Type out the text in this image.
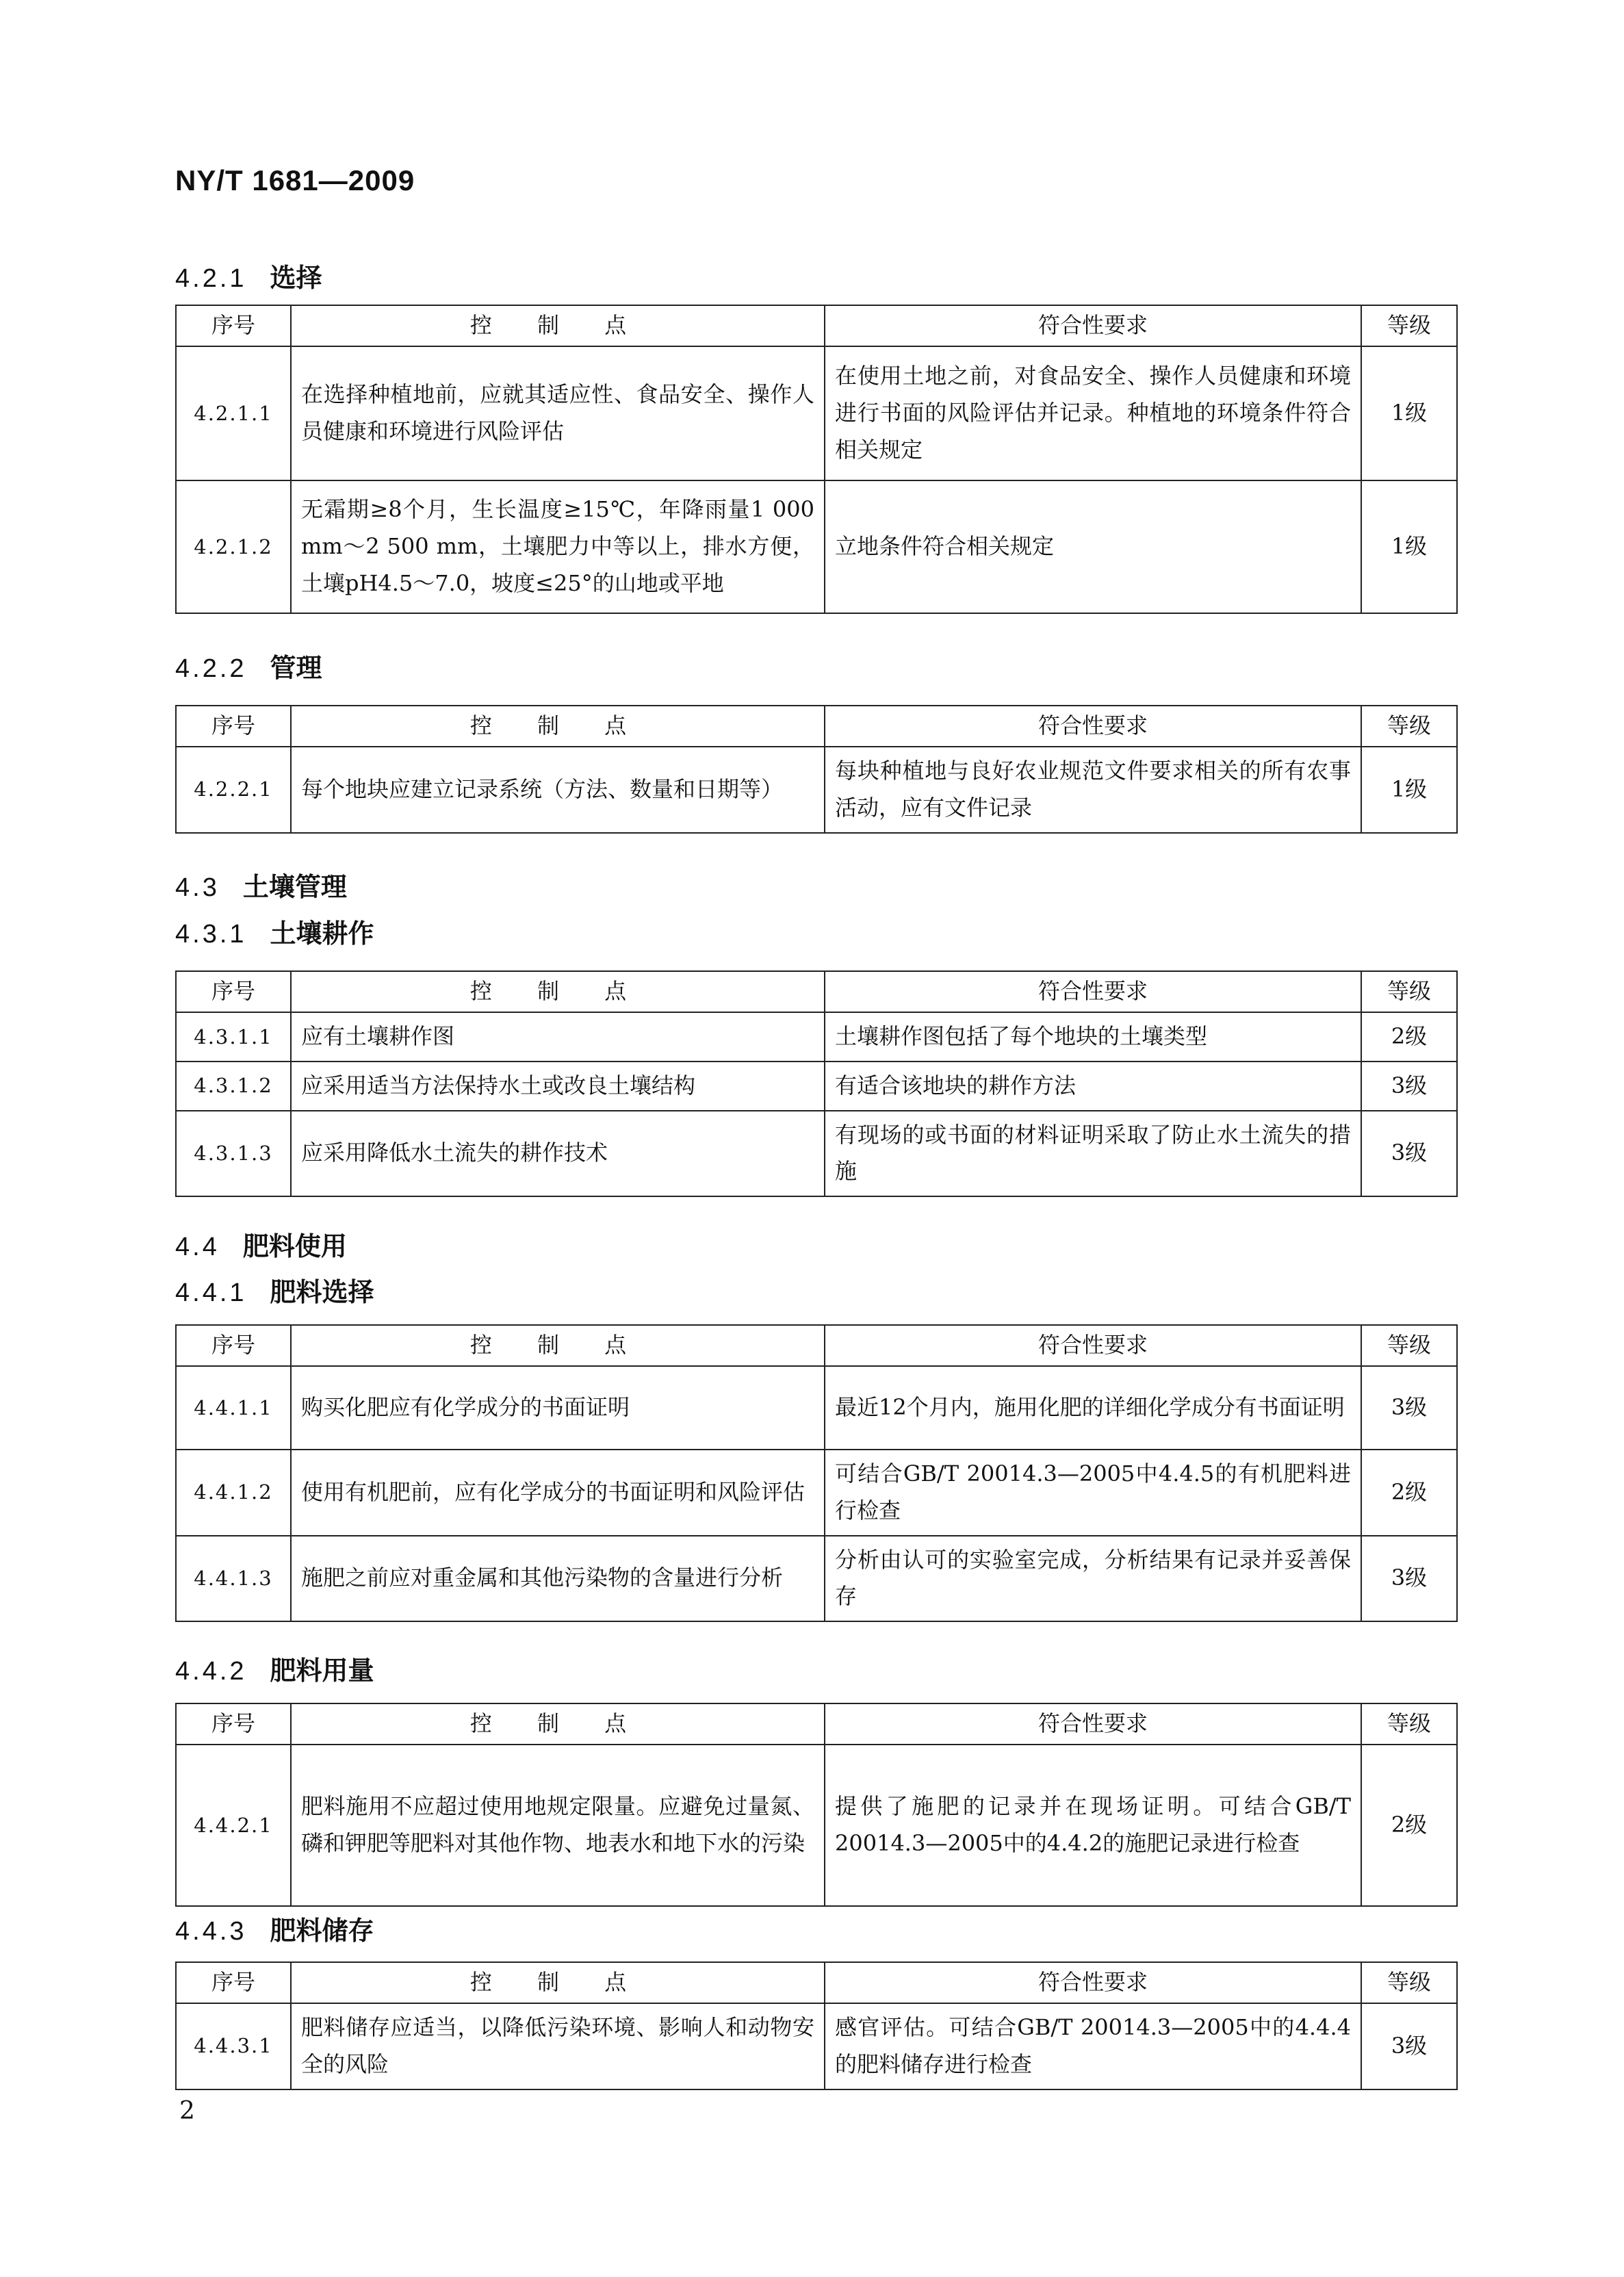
NY/T 1681—2009
4.2.1 选择
序号	控 制 点	符合性要求	等级
4.2.1.1	在选择种植地前，应就其适应性、食品安全、操作人员健康和环境进行风险评估	在使用土地之前，对食品安全、操作人员健康和环境进行书面的风险评估并记录。种植地的环境条件符合相关规定	1级
4.2.1.2	无霜期≥8个月，生长温度≥15℃，年降雨量1 000 mm～2 500 mm，土壤肥力中等以上，排水方便，土壤pH4.5～7.0，坡度≤25°的山地或平地	立地条件符合相关规定	1级
4.2.2 管理
序号	控 制 点	符合性要求	等级
4.2.2.1	每个地块应建立记录系统（方法、数量和日期等）	每块种植地与良好农业规范文件要求相关的所有农事活动，应有文件记录	1级
4.3 土壤管理
4.3.1 土壤耕作
序号	控 制 点	符合性要求	等级
4.3.1.1	应有土壤耕作图	土壤耕作图包括了每个地块的土壤类型	2级
4.3.1.2	应采用适当方法保持水土或改良土壤结构	有适合该地块的耕作方法	3级
4.3.1.3	应采用降低水土流失的耕作技术	有现场的或书面的材料证明采取了防止水土流失的措施	3级
4.4 肥料使用
4.4.1 肥料选择
序号	控 制 点	符合性要求	等级
4.4.1.1	购买化肥应有化学成分的书面证明	最近12个月内，施用化肥的详细化学成分有书面证明	3级
4.4.1.2	使用有机肥前，应有化学成分的书面证明和风险评估	可结合GB/T 20014.3—2005中4.4.5的有机肥料进行检查	2级
4.4.1.3	施肥之前应对重金属和其他污染物的含量进行分析	分析由认可的实验室完成，分析结果有记录并妥善保存	3级
4.4.2 肥料用量
序号	控 制 点	符合性要求	等级
4.4.2.1	肥料施用不应超过使用地规定限量。应避免过量氮、磷和钾肥等肥料对其他作物、地表水和地下水的污染	提供了施肥的记录并在现场证明。可结合GB/T 20014.3—2005中的4.4.2的施肥记录进行检查	2级
4.4.3 肥料储存
序号	控 制 点	符合性要求	等级
4.4.3.1	肥料储存应适当，以降低污染环境、影响人和动物安全的风险	感官评估。可结合GB/T 20014.3—2005中的4.4.4的肥料储存进行检查	3级
2
